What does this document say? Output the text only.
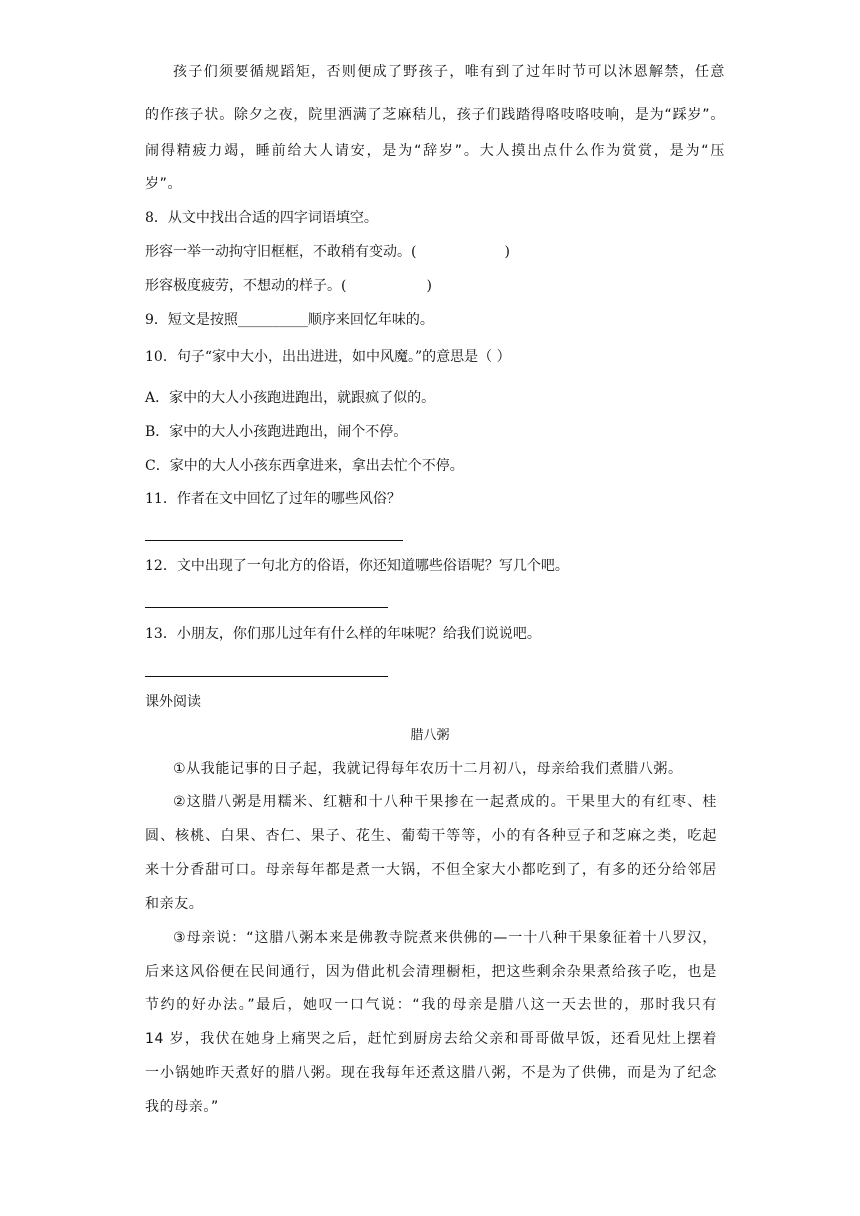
孩子们须要循规蹈矩，否则便成了野孩子，唯有到了过年时节可以沐恩解禁，任意
的作孩子状。除夕之夜，院里洒满了芝麻秸儿，孩子们践踏得咯吱咯吱响，是为“踩岁”。
闹得精疲力竭，睡前给大人请安，是为“辞岁”。大人摸出点什么作为赏赏，是为“压
岁”。
8．从文中找出合适的四字词语填空。
形容一举一动拘守旧框框，不敢稍有变动。(	)
形容极度疲劳，不想动的样子。(	)
9．短文是按照__________顺序来回忆年味的。
10．句子“家中大小，出出进进，如中风魔。”的意思是（ ）
A．家中的大人小孩跑进跑出，就跟疯了似的。
B．家中的大人小孩跑进跑出，闹个不停。
C．家中的大人小孩东西拿进来，拿出去忙个不停。
11．作者在文中回忆了过年的哪些风俗？
12．文中出现了一句北方的俗语，你还知道哪些俗语呢？写几个吧。
13．小朋友，你们那儿过年有什么样的年味呢？给我们说说吧。
课外阅读
腊八粥
①从我能记事的日子起，我就记得每年农历十二月初八，母亲给我们煮腊八粥。
②这腊八粥是用糯米、红糖和十八种干果掺在一起煮成的。干果里大的有红枣、桂
圆、核桃、白果、杏仁、果子、花生、葡萄干等等，小的有各种豆子和芝麻之类，吃起
来十分香甜可口。母亲每年都是煮一大锅，不但全家大小都吃到了，有多的还分给邻居
和亲友。
③母亲说：“这腊八粥本来是佛教寺院煮来供佛的—一十八种干果象征着十八罗汉，
后来这风俗便在民间通行，因为借此机会清理橱柜，把这些剩余杂果煮给孩子吃，也是
节约的好办法。”最后，她叹一口气说：“我的母亲是腊八这一天去世的，那时我只有
14 岁，我伏在她身上痛哭之后，赶忙到厨房去给父亲和哥哥做早饭，还看见灶上摆着
一小锅她昨天煮好的腊八粥。现在我每年还煮这腊八粥，不是为了供佛，而是为了纪念
我的母亲。”
